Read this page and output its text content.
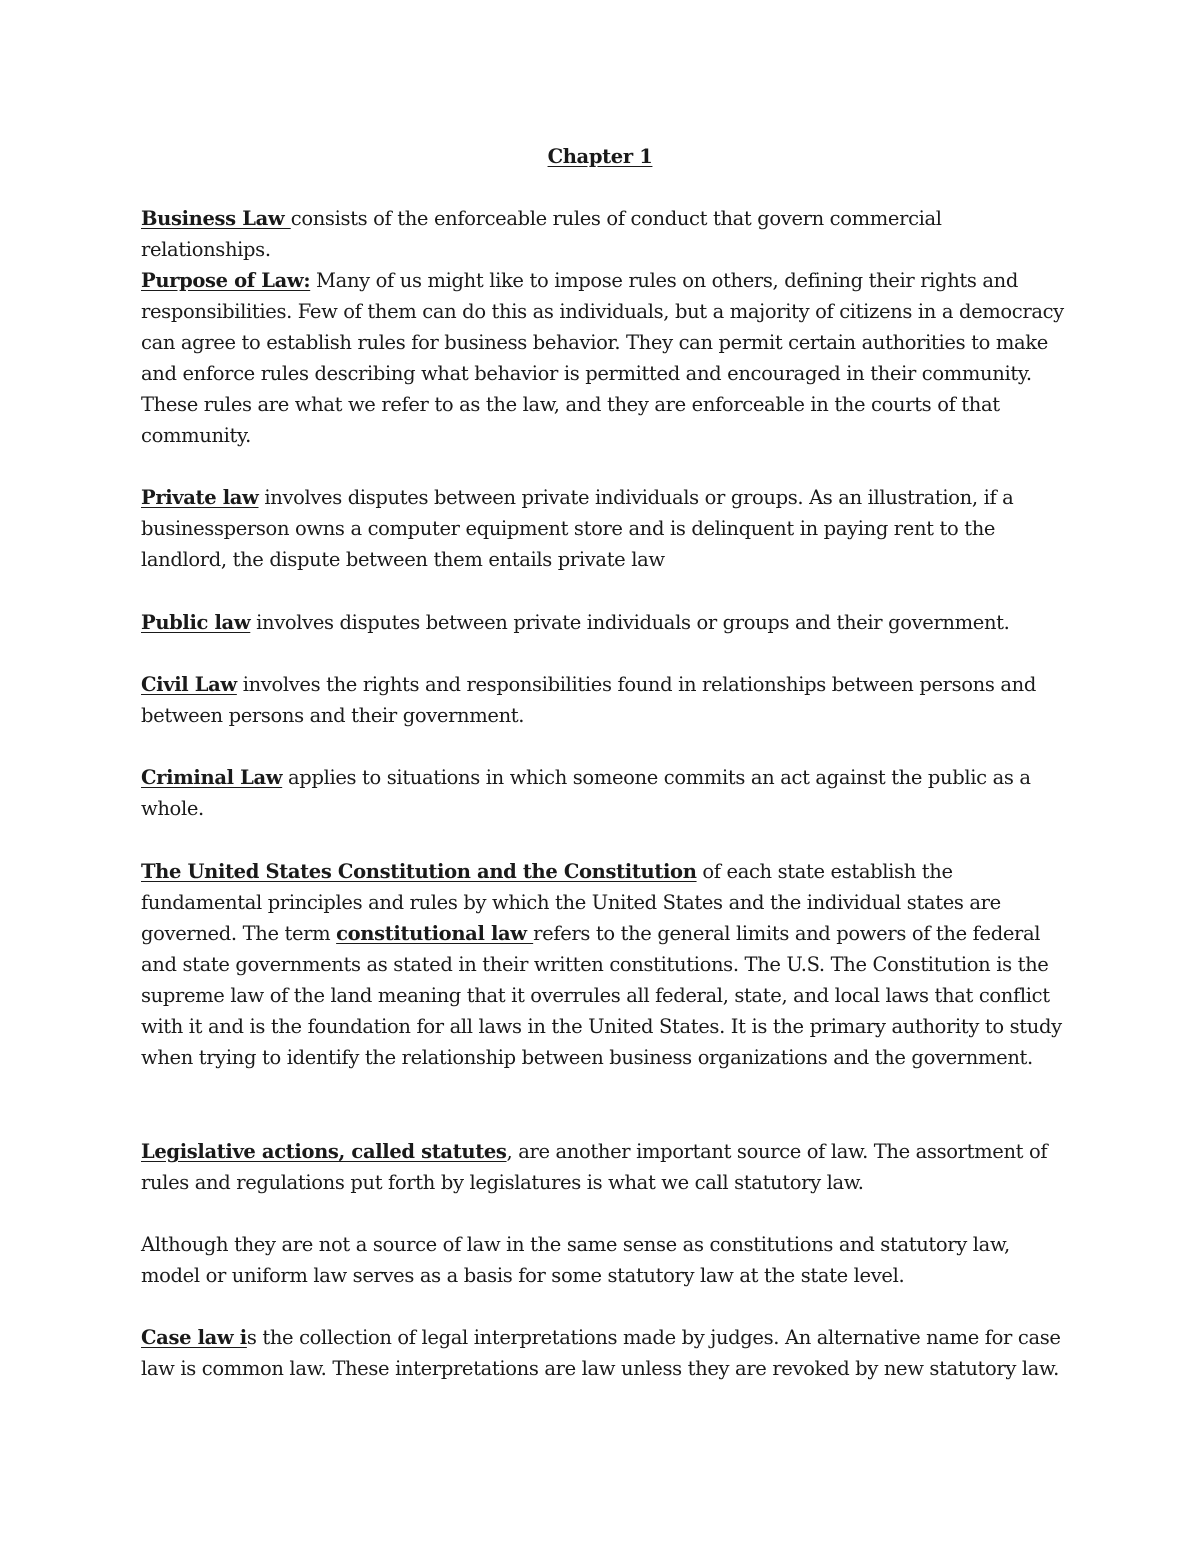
Chapter 1

Business Law consists of the enforceable rules of conduct that govern commercial relationships.

Purpose of Law: Many of us might like to impose rules on others, defining their rights and responsibilities. Few of them can do this as individuals, but a majority of citizens in a democracy can agree to establish rules for business behavior. They can permit certain authorities to make and enforce rules describing what behavior is permitted and encouraged in their community. These rules are what we refer to as the law, and they are enforceable in the courts of that community.

Private law involves disputes between private individuals or groups. As an illustration, if a businessperson owns a computer equipment store and is delinquent in paying rent to the landlord, the dispute between them entails private law

Public law involves disputes between private individuals or groups and their government.

Civil Law involves the rights and responsibilities found in relationships between persons and between persons and their government.

Criminal Law applies to situations in which someone commits an act against the public as a whole.

The United States Constitution and the Constitution of each state establish the fundamental principles and rules by which the United States and the individual states are governed. The term constitutional law refers to the general limits and powers of the federal and state governments as stated in their written constitutions. The U.S. The Constitution is the supreme law of the land meaning that it overrules all federal, state, and local laws that conflict with it and is the foundation for all laws in the United States. It is the primary authority to study when trying to identify the relationship between business organizations and the government.

Legislative actions, called statutes, are another important source of law. The assortment of rules and regulations put forth by legislatures is what we call statutory law.

Although they are not a source of law in the same sense as constitutions and statutory law, model or uniform law serves as a basis for some statutory law at the state level.

Case law is the collection of legal interpretations made by judges. An alternative name for case law is common law. These interpretations are law unless they are revoked by new statutory law.
